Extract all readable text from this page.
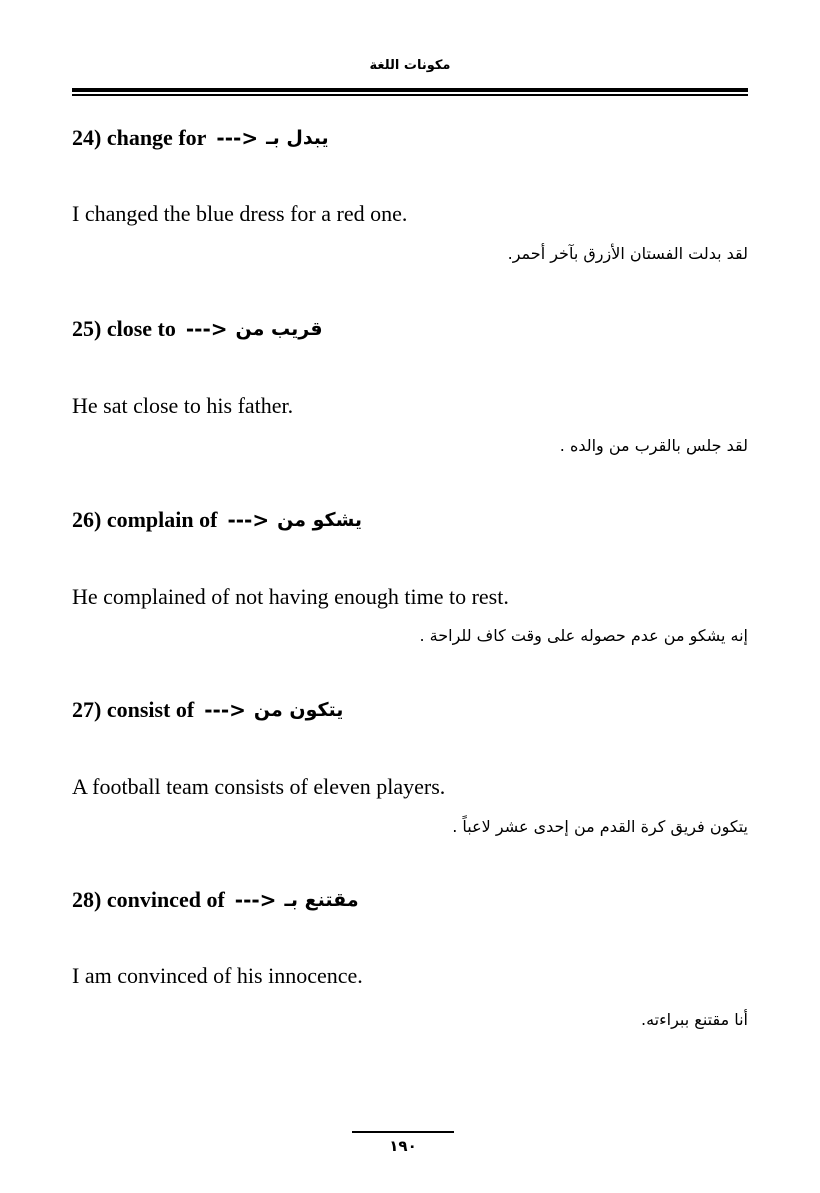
مكونات اللغة
24) change for ---> يبدل بـ
I changed the blue dress for a red one.
لقد بدلت الفستان الأزرق بآخر أحمر.
25) close to ---> قريب من
He sat close to his father.
لقد جلس بالقرب من والده .
26) complain of ---> يشكو من
He complained of not having enough time to rest.
إنه يشكو من عدم حصوله على وقت كاف للراحة .
27) consist of ---> يتكون من
A football team consists of eleven players.
يتكون فريق كرة القدم من إحدى عشر لاعباً .
28) convinced of ---> مقتنع بـ
I am convinced of his innocence.
أنا مقتنع ببراءته.
١٩٠
